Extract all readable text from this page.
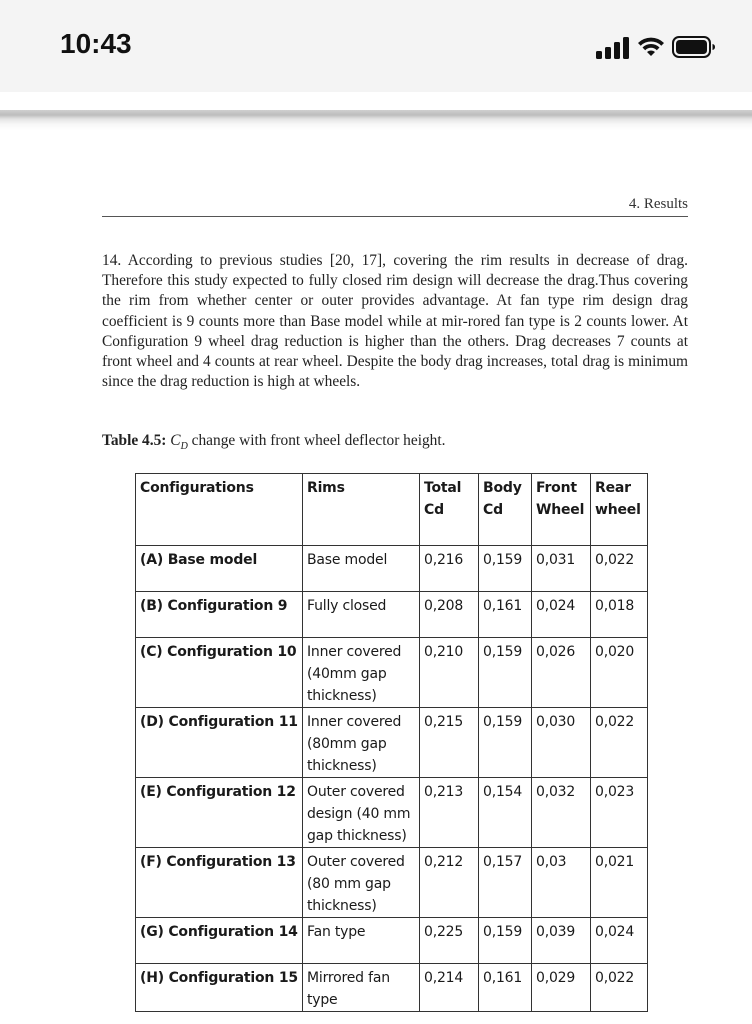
10:43
4. Results
14. According to previous studies [20, 17], covering the rim results in decrease of drag. Therefore this study expected to fully closed rim design will decrease the drag.Thus covering the rim from whether center or outer provides advantage. At fan type rim design drag coefficient is 9 counts more than Base model while at mir-rored fan type is 2 counts lower. At Configuration 9 wheel drag reduction is higher than the others. Drag decreases 7 counts at front wheel and 4 counts at rear wheel. Despite the body drag increases, total drag is minimum since the drag reduction is high at wheels.
Table 4.5: $C_D$ change with front wheel deflector height.
Configurations	Rims	Total Cd	Body Cd	Front Wheel	Rear wheel
(A) Base model	Base model	0,216	0,159	0,031	0,022
(B) Configuration 9	Fully closed	0,208	0,161	0,024	0,018
(C) Configuration 10	Inner covered (40mm gap thickness)	0,210	0,159	0,026	0,020
(D) Configuration 11	Inner covered (80mm gap thickness)	0,215	0,159	0,030	0,022
(E) Configuration 12	Outer covered design (40 mm gap thickness)	0,213	0,154	0,032	0,023
(F) Configuration 13	Outer covered (80 mm gap thickness)	0,212	0,157	0,03	0,021
(G) Configuration 14	Fan type	0,225	0,159	0,039	0,024
(H) Configuration 15	Mirrored fan type	0,214	0,161	0,029	0,022
